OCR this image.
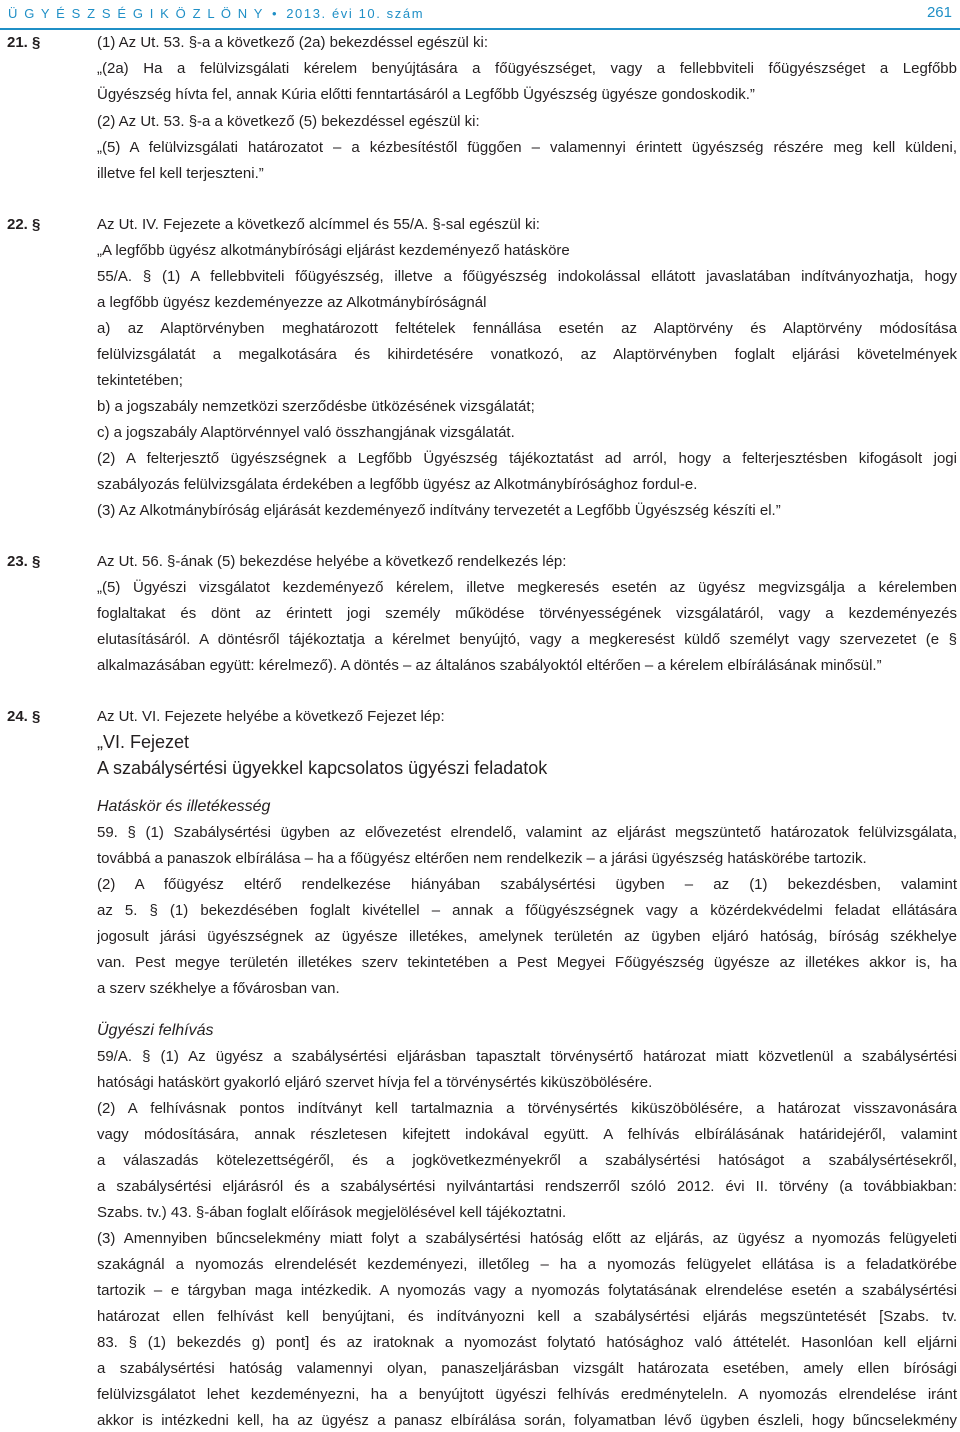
Ü G Y É S Z S É G I K Ö Z L Ö N Y • 2013. évi 10. szám	261
21. §	(1) Az Ut. 53. §-a a következő (2a) bekezdéssel egészül ki:
„(2a) Ha a felülvizsgálati kérelem benyújtására a főügyészséget, vagy a fellebbviteli főügyészséget a Legfőbb
Ügyészség hívta fel, annak Kúria előtti fenntartásáról a Legfőbb Ügyészség ügyésze gondoskodik.”
(2) Az Ut. 53. §-a a következő (5) bekezdéssel egészül ki:
„(5) A felülvizsgálati határozatot – a kézbesítéstől függően – valamennyi érintett ügyészség részére meg kell küldeni,
illetve fel kell terjeszteni.”
22. §	Az Ut. IV. Fejezete a következő alcímmel és 55/A. §-sal egészül ki:
„A legfőbb ügyész alkotmánybírósági eljárást kezdeményező hatásköre
55/A. § (1) A fellebbviteli főügyészség, illetve a főügyészség indokolással ellátott javaslatában indítványozhatja, hogy
a legfőbb ügyész kezdeményezze az Alkotmánybíróságnál
a) az Alaptörvényben meghatározott feltételek fennállása esetén az Alaptörvény és Alaptörvény módosítása
felülvizsgálatát a megalkotására és kihirdetésére vonatkozó, az Alaptörvényben foglalt eljárási követelmények
tekintetében;
b) a jogszabály nemzetközi szerződésbe ütközésének vizsgálatát;
c) a jogszabály Alaptörvénnyel való összhangjának vizsgálatát.
(2) A felterjesztő ügyészségnek a Legfőbb Ügyészség tájékoztatást ad arról, hogy a felterjesztésben kifogásolt jogi
szabályozás felülvizsgálata érdekében a legfőbb ügyész az Alkotmánybírósághoz fordul-e.
(3) Az Alkotmánybíróság eljárását kezdeményező indítvány tervezetét a Legfőbb Ügyészség készíti el.”
23. §	Az Ut. 56. §-ának (5) bekezdése helyébe a következő rendelkezés lép:
„(5) Ügyészi vizsgálatot kezdeményező kérelem, illetve megkeresés esetén az ügyész megvizsgálja a kérelemben
foglaltakat és dönt az érintett jogi személy működése törvényességének vizsgálatáról, vagy a kezdeményezés
elutasításáról. A döntésről tájékoztatja a kérelmet benyújtó, vagy a megkeresést küldő személyt vagy szervezetet (e §
alkalmazásában együtt: kérelmező). A döntés – az általános szabályoktól eltérően – a kérelem elbírálásának minősül.”
24. §	Az Ut. VI. Fejezete helyébe a következő Fejezet lép:
„VI. Fejezet
A szabálysértési ügyekkel kapcsolatos ügyészi feladatok
Hatáskör és illetékesség
59. § (1) Szabálysértési ügyben az elővezetést elrendelő, valamint az eljárást megszüntető határozatok felülvizsgálata,
továbbá a panaszok elbírálása – ha a főügyész eltérően nem rendelkezik – a járási ügyészség hatáskörébe tartozik.
(2) A főügyész eltérő rendelkezése hiányában szabálysértési ügyben – az (1) bekezdésben, valamint
az 5. § (1) bekezdésében foglalt kivétellel – annak a főügyészségnek vagy a közérdekvédelmi feladat ellátására
jogosult járási ügyészségnek az ügyésze illetékes, amelynek területén az ügyben eljáró hatóság, bíróság székhelye
van. Pest megye területén illetékes szerv tekintetében a Pest Megyei Főügyészség ügyésze az illetékes akkor is, ha
a szerv székhelye a fővárosban van.
Ügyészi felhívás
59/A. § (1) Az ügyész a szabálysértési eljárásban tapasztalt törvénysértő határozat miatt közvetlenül a szabálysértési
hatósági hatáskört gyakorló eljáró szervet hívja fel a törvénysértés kiküszöbölésére.
(2) A felhívásnak pontos indítványt kell tartalmaznia a törvénysértés kiküszöbölésére, a határozat visszavonására
vagy módosítására, annak részletesen kifejtett indokával együtt. A felhívás elbírálásának határidejéről, valamint
a válaszadás kötelezettségéről, és a jogkövetkezményekről a szabálysértési hatóságot a szabálysértésekről,
a szabálysértési eljárásról és a szabálysértési nyilvántartási rendszerről szóló 2012. évi II. törvény (a továbbiakban:
Szabs. tv.) 43. §-ában foglalt előírások megjelölésével kell tájékoztatni.
(3) Amennyiben bűncselekmény miatt folyt a szabálysértési hatóság előtt az eljárás, az ügyész a nyomozás felügyeleti
szakágnál a nyomozás elrendelését kezdeményezi, illetőleg – ha a nyomozás felügyelet ellátása is a feladatkörébe
tartozik – e tárgyban maga intézkedik. A nyomozás vagy a nyomozás folytatásának elrendelése esetén a szabálysértési
határozat ellen felhívást kell benyújtani, és indítványozni kell a szabálysértési eljárás megszüntetését [Szabs. tv.
83. § (1) bekezdés g) pont] és az iratoknak a nyomozást folytató hatósághoz való áttételét. Hasonlóan kell eljárni
a szabálysértési hatóság valamennyi olyan, panaszeljárásban vizsgált határozata esetében, amely ellen bírósági
felülvizsgálatot lehet kezdeményezni, ha a benyújtott ügyészi felhívás eredményteleln. A nyomozás elrendelése iránt
akkor is intézkedni kell, ha az ügyész a panasz elbírálása során, folyamatban lévő ügyben észleli, hogy bűncselekmény
